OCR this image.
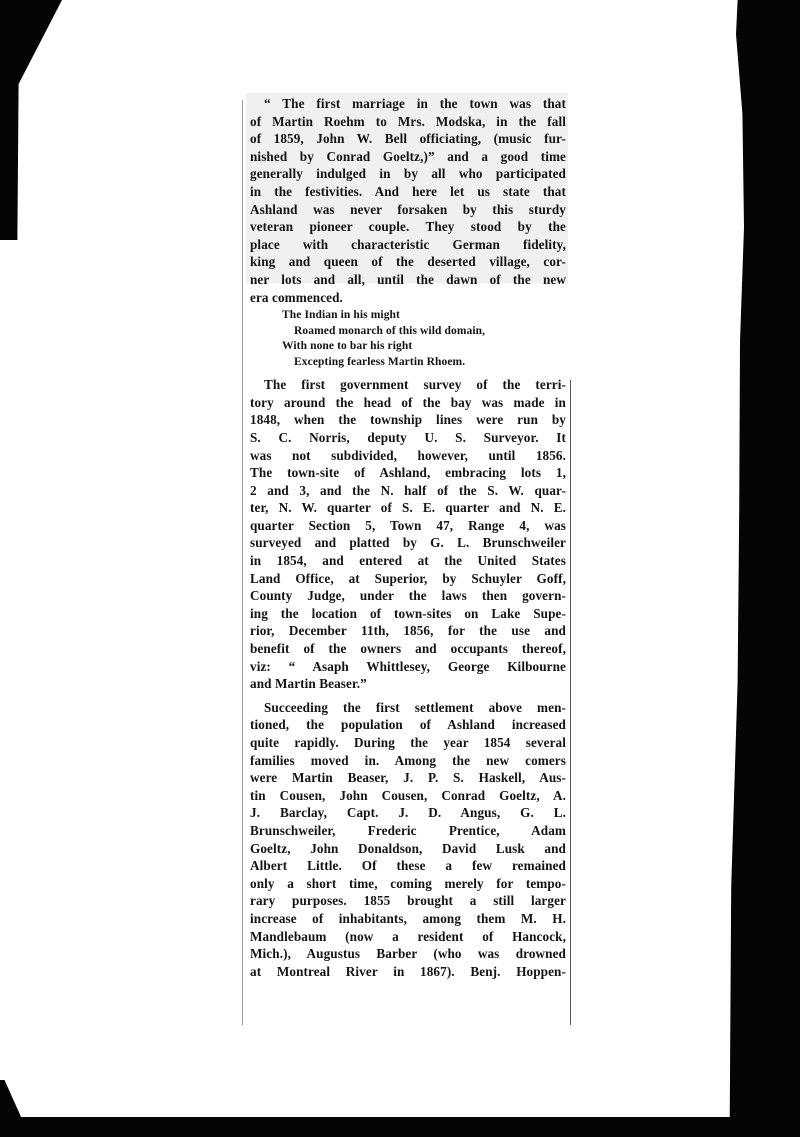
“ The first marriage in the town was that
of Martin Roehm to Mrs. Modska, in the fall
of 1859, John W. Bell officiating, (music fur-
nished by Conrad Goeltz,)” and a good time
generally indulged in by all who participated
in the festivities. And here let us state that
Ashland was never forsaken by this sturdy
veteran pioneer couple. They stood by the
place with characteristic German fidelity,
king and queen of the deserted village, cor-
ner lots and all, until the dawn of the new
era commenced.

The Indian in his might
Roamed monarch of this wild domain,
With none to bar his right
Excepting fearless Martin Rhoem.

The first government survey of the terri-
tory around the head of the bay was made in
1848, when the township lines were run by
S. C. Norris, deputy U. S. Surveyor. It
was not subdivided, however, until 1856.
The town-site of Ashland, embracing lots 1,
2 and 3, and the N. half of the S. W. quar-
ter, N. W. quarter of S. E. quarter and N. E.
quarter Section 5, Town 47, Range 4, was
surveyed and platted by G. L. Brunschweiler
in 1854, and entered at the United States
Land Office, at Superior, by Schuyler Goff,
County Judge, under the laws then govern-
ing the location of town-sites on Lake Supe-
rior, December 11th, 1856, for the use and
benefit of the owners and occupants thereof,
viz: “ Asaph Whittlesey, George Kilbourne
and Martin Beaser.”

Succeeding the first settlement above men-
tioned, the population of Ashland increased
quite rapidly. During the year 1854 several
families moved in. Among the new comers
were Martin Beaser, J. P. S. Haskell, Aus-
tin Cousen, John Cousen, Conrad Goeltz, A.
J. Barclay, Capt. J. D. Angus, G. L.
Brunschweiler, Frederic Prentice, Adam
Goeltz, John Donaldson, David Lusk and
Albert Little. Of these a few remained
only a short time, coming merely for tempo-
rary purposes. 1855 brought a still larger
increase of inhabitants, among them M. H.
Mandlebaum (now a resident of Hancock,
Mich.), Augustus Barber (who was drowned
at Montreal River in 1867). Benj. Hoppen-
